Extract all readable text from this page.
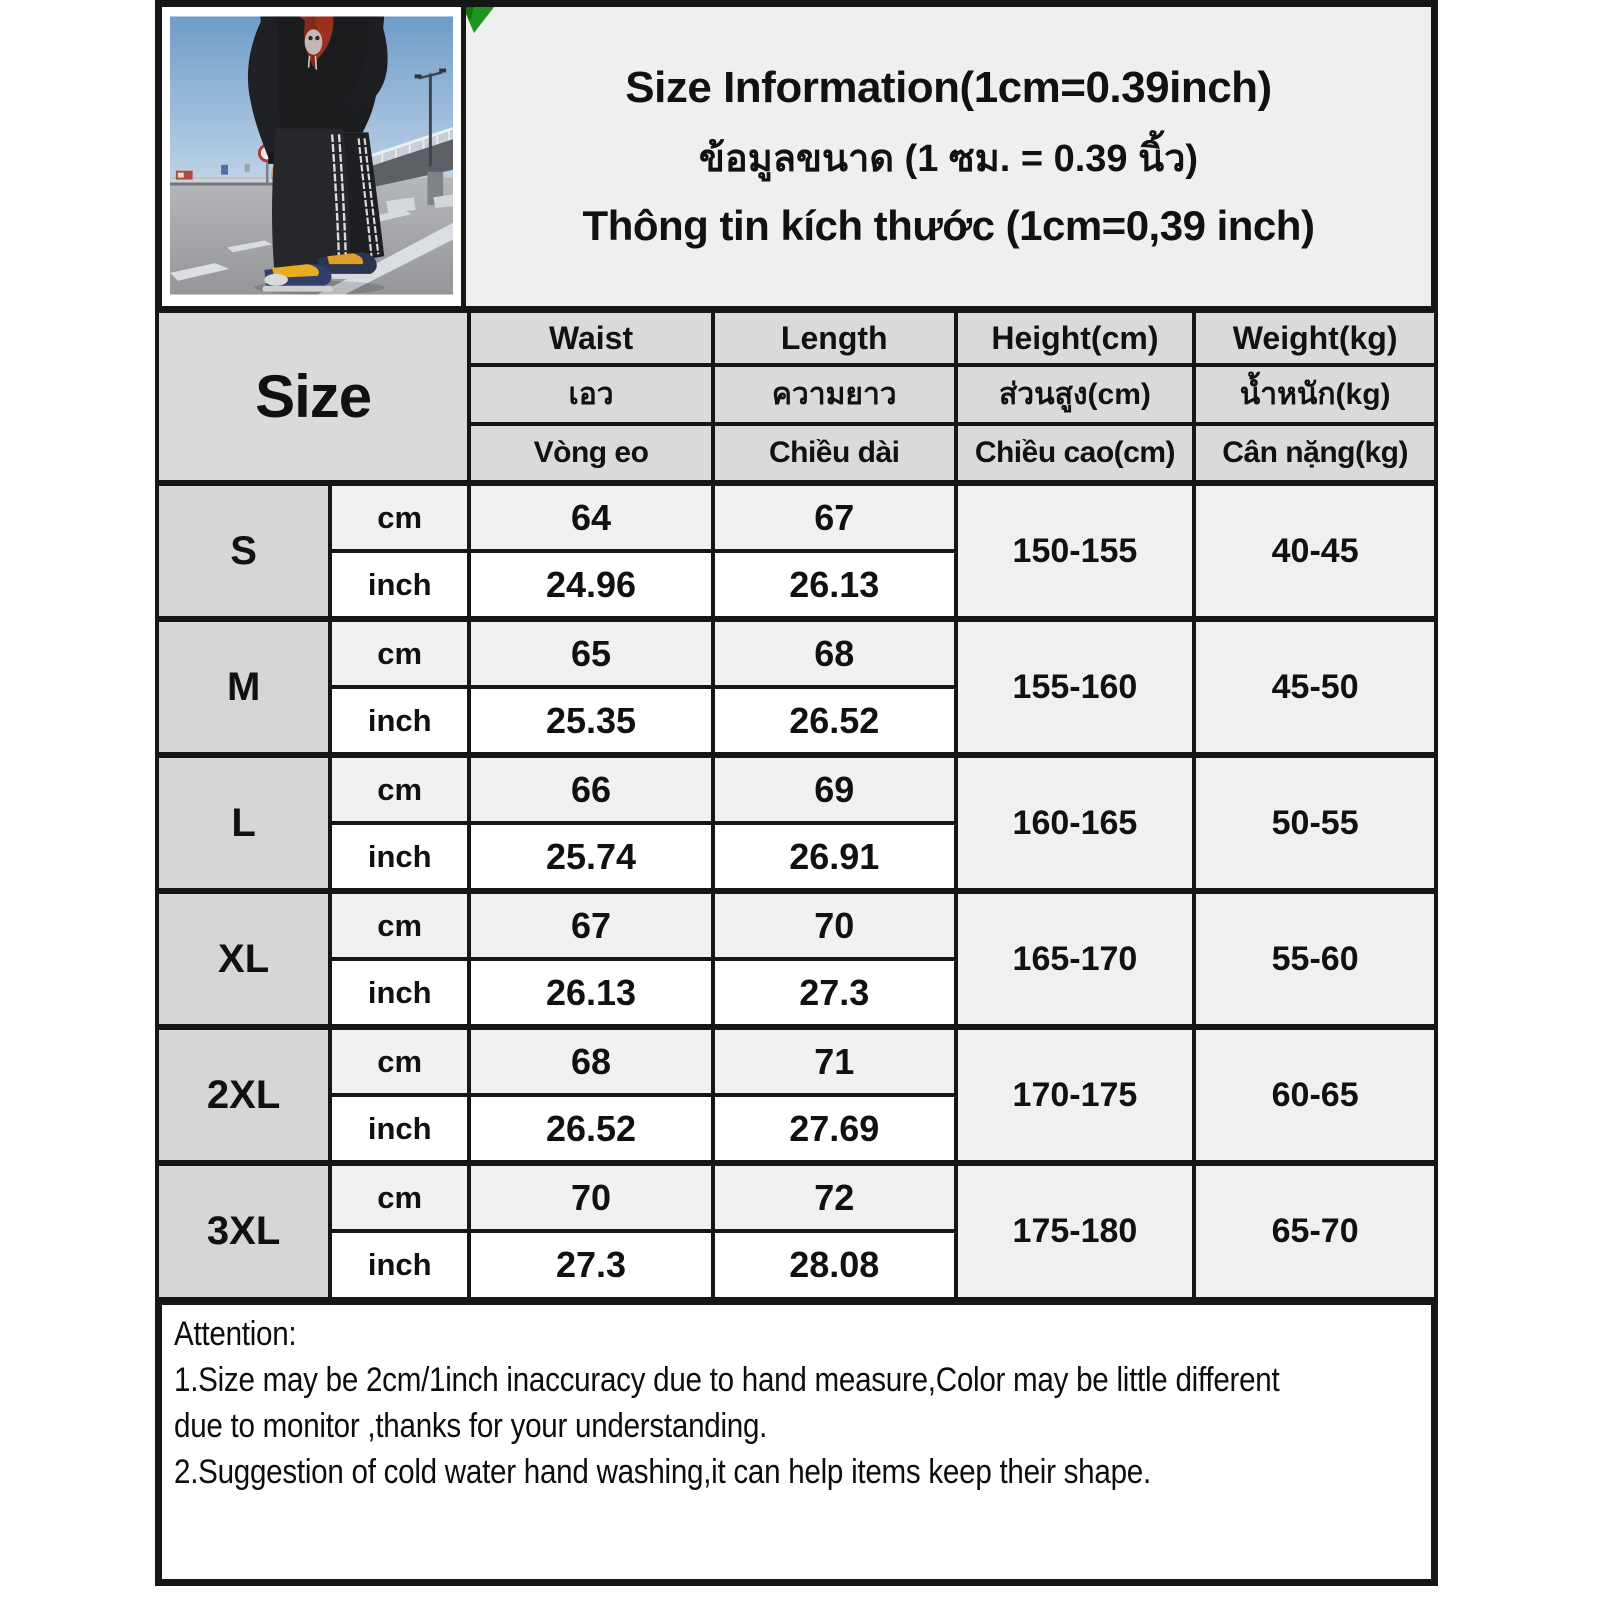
Size Information(1cm=0.39inch)
ข้อมูลขนาด (1 ซม. = 0.39 นิ้ว)
Thông tin kích thước (1cm=0,39 inch)
Size		Waist	Length	Height(cm)	Weight(kg)
		เอว	ความยาว	ส่วนสูง(cm)	น้ำหนัก(kg)
		Vòng eo	Chiều dài	Chiều cao(cm)	Cân nặng(kg)
S	cm	64	67	150-155	40-45
	inch	24.96	26.13		
M	cm	65	68	155-160	45-50
	inch	25.35	26.52		
L	cm	66	69	160-165	50-55
	inch	25.74	26.91		
XL	cm	67	70	165-170	55-60
	inch	26.13	27.3		
2XL	cm	68	71	170-175	60-65
	inch	26.52	27.69		
3XL	cm	70	72	175-180	65-70
	inch	27.3	28.08		
Attention:
1.Size may be 2cm/1inch inaccuracy due to hand measure,Color may be little different
due to monitor ,thanks for your understanding.
2.Suggestion of cold water hand washing,it can help items keep their shape.
